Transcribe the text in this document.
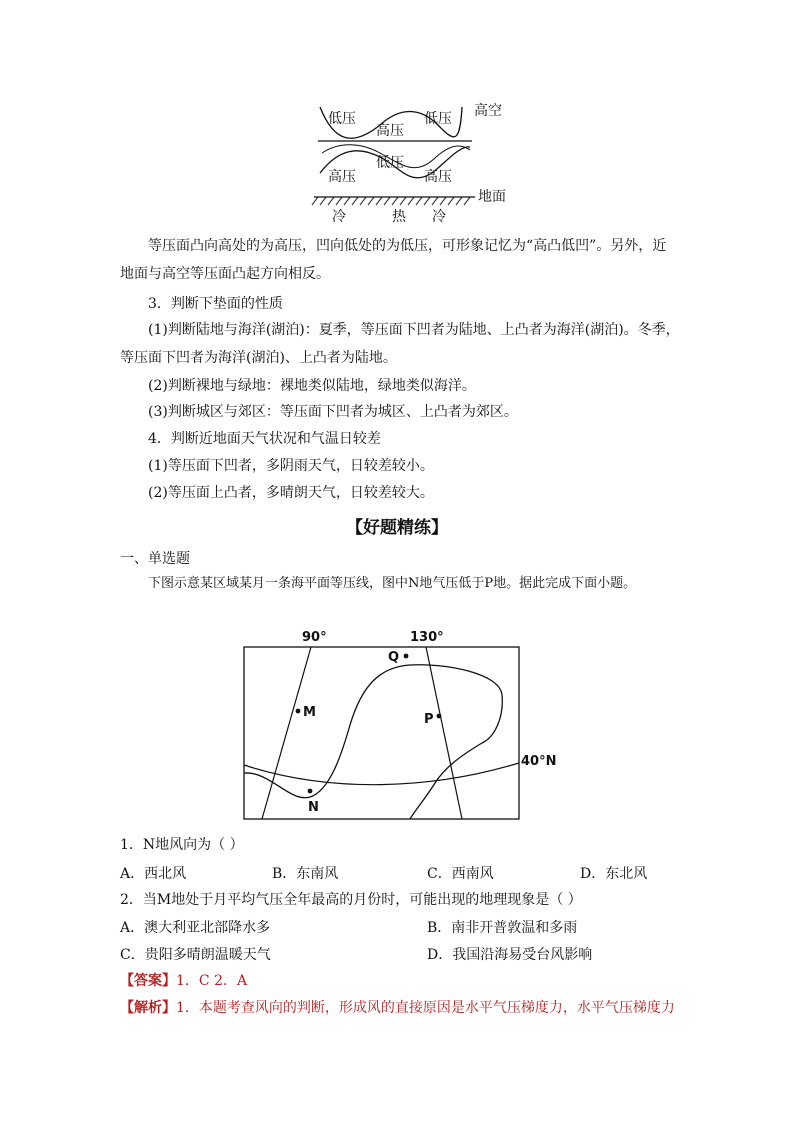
低压
高压
低压 高空
高压
低压
高压
地面
冷	热 冷
等压面凸向高处的为高压，凹向低处的为低压，可形象记忆为“高凸低凹”。另外，近地面与高空等压面凸起方向相反。
3．判断下垫面的性质
(1)判断陆地与海洋(湖泊)：夏季，等压面下凹者为陆地、上凸者为海洋(湖泊)。冬季，等压面下凹者为海洋(湖泊)、上凸者为陆地。
(2)判断裸地与绿地：裸地类似陆地，绿地类似海洋。
(3)判断城区与郊区：等压面下凹者为城区、上凸者为郊区。
4．判断近地面天气状况和气温日较差
(1)等压面下凹者，多阴雨天气，日较差较小。
(2)等压面上凸者，多晴朗天气，日较差较大。
【好题精练】
一、单选题
下图示意某区域某月一条海平面等压线，图中N地气压低于P地。据此完成下面小题。
90°	130°
40°N
Q
M	P
N
1．N地风向为（ ）
A．西北风	B．东南风	C．西南风	D．东北风
2．当M地处于月平均气压全年最高的月份时，可能出现的地理现象是（ ）
A．澳大利亚北部降水多	B．南非开普敦温和多雨
C．贵阳多晴朗温暖天气	D．我国沿海易受台风影响
【答案】1．C 2．A
【解析】1．本题考查风向的判断，形成风的直接原因是水平气压梯度力，水平气压梯度力
